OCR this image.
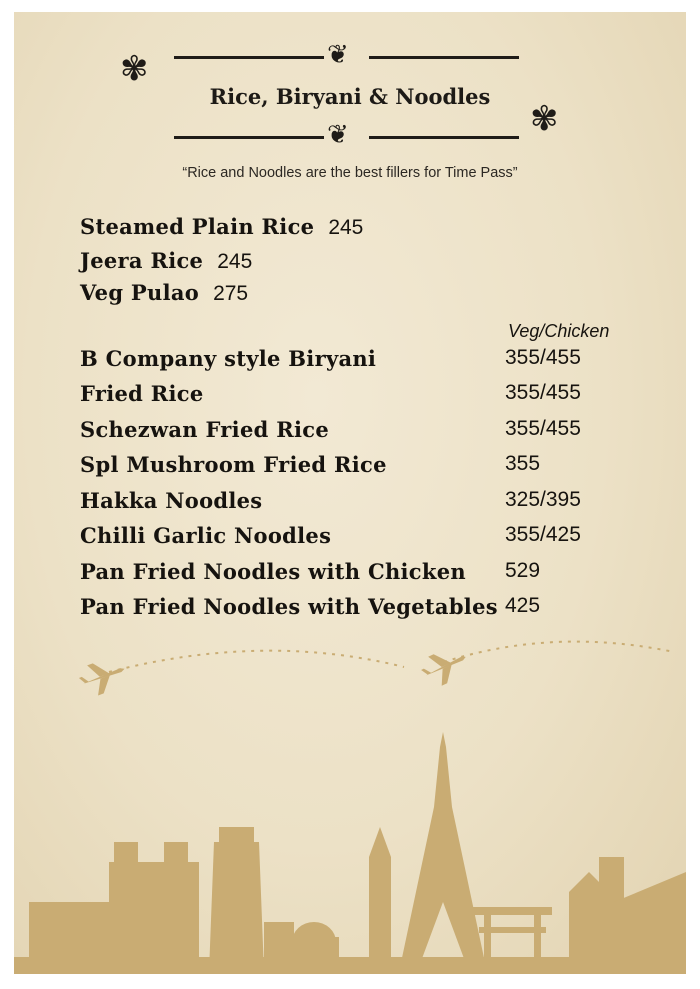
✾
✾
❦
Rice, Biryani & Noodles
❦
“Rice and Noodles are the best fillers for Time Pass”
Steamed Plain Rice 245
Jeera Rice 245
Veg Pulao 275
Veg/Chicken
B Company style Biryani	355/455
Fried Rice	355/455
Schezwan Fried Rice	355/455
Spl Mushroom Fried Rice	355
Hakka Noodles	325/395
Chilli Garlic Noodles	355/425
Pan Fried Noodles with Chicken 529
Pan Fried Noodles with Vegetables 425
